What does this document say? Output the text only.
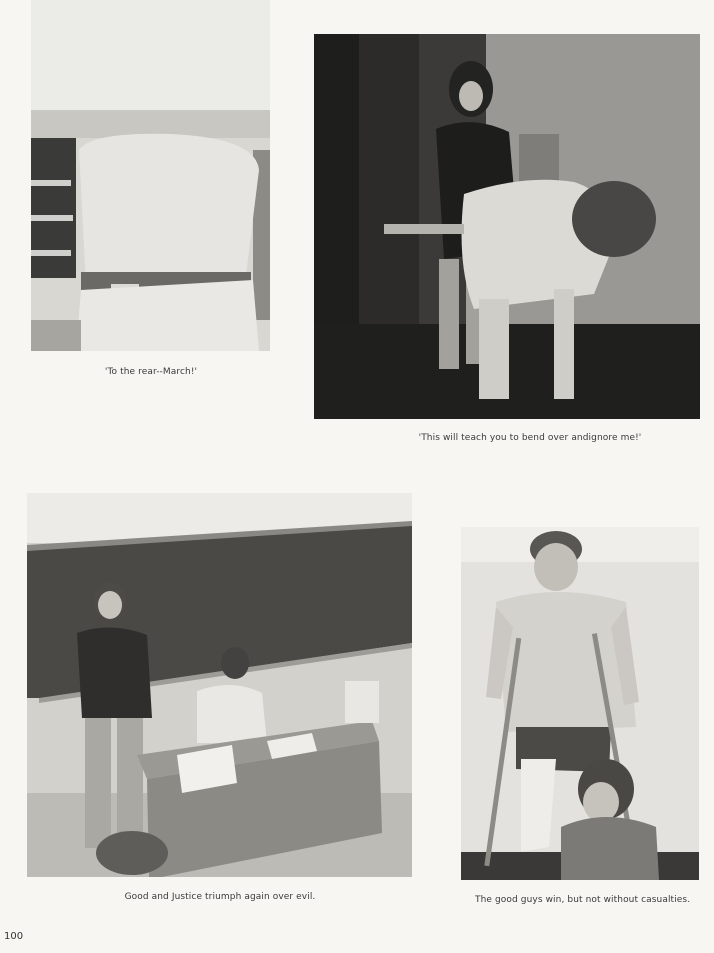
'To the rear--March!'
'This will teach you to bend over andignore me!'
Good and Justice triumph again over evil.	The good guys win, but not without casualties.
100
